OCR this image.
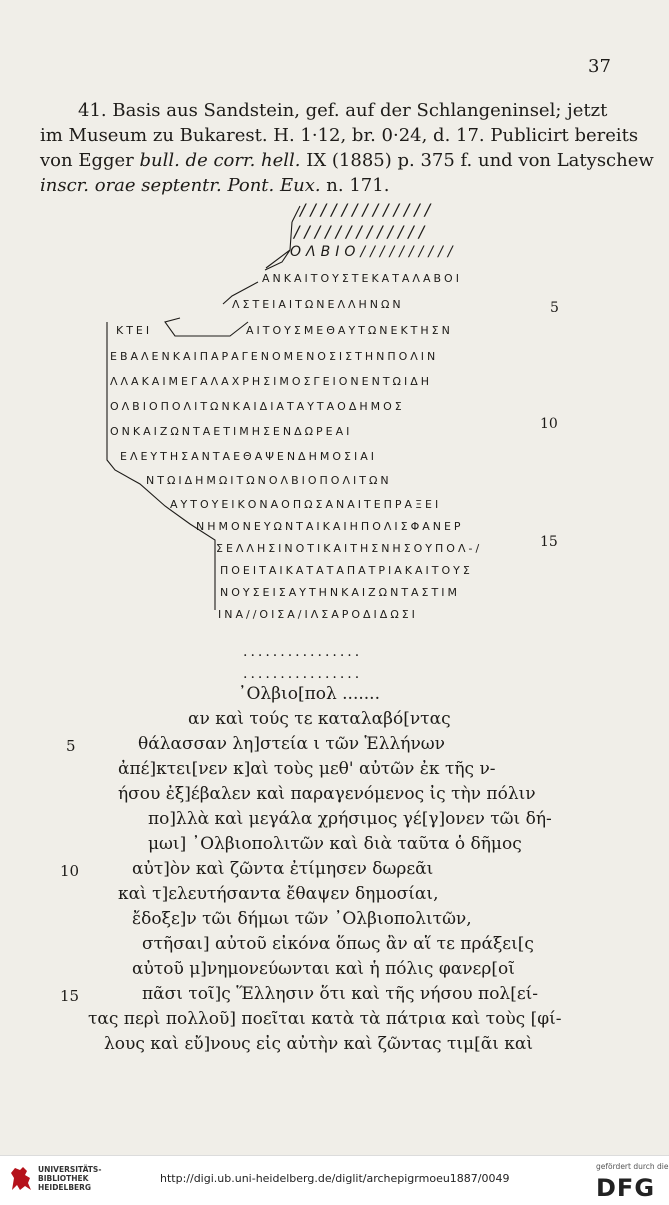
37
41. Basis aus Sandstein, gef. auf der Schlangeninsel; jetzt
im Museum zu Bukarest. H. 1·12, br. 0·24, d. 17. Publicirt bereits
von Egger bull. de corr. hell. IX (1885) p. 375 f. und von Latyschew
inscr. orae septentr. Pont. Eux. n. 171.
/////////////
/////////////
ΟΛΒΙΟ//////////
ΑΝΚΑΙΤΟΥΣΤΕΚΑΤΑΛΑΒΟΙ
ΛΣΤΕΙΑΙΤΩΝΕΛΛΗΝΩΝ
ΚΤΕΙ	ΑΙΤΟΥΣΜΕΘΑΥΤΩΝΕΚΤΗΣΝ
ΕΒΑΛΕΝΚΑΙΠΑΡΑΓΕΝΟΜΕΝΟΣΙΣΤΗΝΠΟΛΙΝ
ΛΛΑΚΑΙΜΕΓΑΛΑΧΡΗΣΙΜΟΣΓΕΙΟΝΕΝΤΩΙΔΗ
ΟΛΒΙΟΠΟΛΙΤΩΝΚΑΙΔΙΑΤΑΥΤΑΟΔΗΜΟΣ
ΟΝΚΑΙΖΩΝΤΑΕΤΙΜΗΣΕΝΔΩΡΕΑΙ
ΕΛΕΥΤΗΣΑΝΤΑΕΘΑΨΕΝΔΗΜΟΣΙΑΙ
ΝΤΩΙΔΗΜΩΙΤΩΝΟΛΒΙΟΠΟΛΙΤΩΝ
ΑΥΤΟΥΕΙΚΟΝΑΟΠΩΣΑΝΑΙΤΕΠΡΑΞΕΙ
ΝΗΜΟΝΕΥΩΝΤΑΙΚΑΙΗΠΟΛΙΣΦΑΝΕΡ
ΣΕΛΛΗΣΙΝΟΤΙΚΑΙΤΗΣΝΗΣΟΥΠΟΛ-/
ΠΟΕΙΤΑΙΚΑΤΑΤΑΠΑΤΡΙΑΚΑΙΤΟΥΣ
ΝΟΥΣΕΙΣΑΥΤΗΝΚΑΙΖΩΝΤΑΣΤΙΜ
ΙΝΑ//ΟΙΣΑ/ΙΛΣΑΡΟΔΙΔΩΣΙ
5
10
15
................
................
᾿Ολβιο[πολ .......
αν καὶ τούς τε καταλαβό[ντας
θάλασσαν λη]στεία ι τῶν Ἑλλήνων
ἀπέ]κτει[νεν κ]αὶ τοὺς μεθ' αὐτῶν ἐκ τῆς ν-
ήσου ἐξ]έβαλεν καὶ παραγενόμενος ἰς τὴν πόλιν
πο]λλὰ καὶ μεγάλα χρήσιμος γέ[γ]ονεν τῶι δή-
μωι] ᾿Ολβιοπολιτῶν καὶ διὰ ταῦτα ὁ δῆμος
αὐτ]ὸν καὶ ζῶντα ἐτίμησεν δωρεᾶι
καὶ τ]ελευτήσαντα ἔθαψεν δημοσίαι,
ἔδοξε]ν τῶι δήμωι τῶν ᾿Ολβιοπολιτῶν,
στῆσαι] αὐτοῦ εἰκόνα ὅπως ἂν αἵ τε πράξει[ς
αὐτοῦ μ]νημονεύωνται καὶ ἡ πόλις φανερ[οῖ
πᾶσι τοῖ]ς Ἕλλησιν ὅτι καὶ τῆς νήσου πολ[εί-
τας περὶ πολλοῦ] ποεῖται κατὰ τὰ πάτρια καὶ τοὺς [φί-
λους καὶ εὔ]νους εἰς αὐτὴν καὶ ζῶντας τιμ[ᾶι καὶ
5
10
15
UNIVERSITÄTS-
BIBLIOTHEK
HEIDELBERG
http://digi.ub.uni-heidelberg.de/diglit/archepigrmoeu1887/0049
gefördert durch die
DFG
